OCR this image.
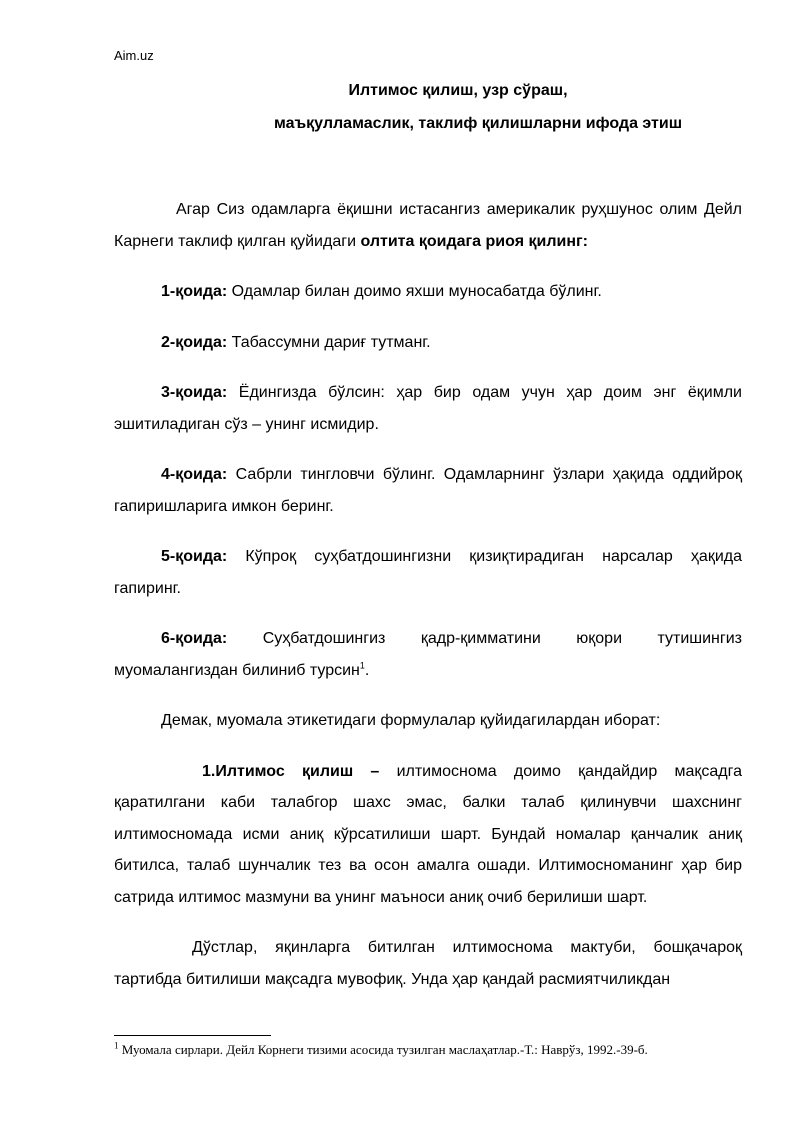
Aim.uz
Илтимос қилиш, узр сўраш,
маъқулламаслик, таклиф қилишларни ифода этиш

Агар Сиз одамларга ёқишни истасангиз америкалик руҳшунос олим Дейл Карнеги таклиф қилган қуйидаги олтита қоидага риоя қилинг:

1-қоида: Одамлар билан доимо яхши муносабатда бўлинг.

2-қоида: Табассумни дариғ тутманг.

3-қоида: Ёдингизда бўлсин: ҳар бир одам учун ҳар доим энг ёқимли эшитиладиган сўз – унинг исмидир.

4-қоида: Сабрли тингловчи бўлинг. Одамларнинг ўзлари ҳақида оддийроқ гапиришларига имкон беринг.

5-қоида: Кўпроқ суҳбатдошингизни қизиқтирадиган нарсалар ҳақида гапиринг.

6-қоида: Суҳбатдошингиз қадр-қимматини юқори тутишингиз
муомалангиздан билиниб турсин$^1$.

Демак, муомала этикетидаги формулалар қуйидагилардан иборат:

1.Илтимос қилиш – илтимоснома доимо қандайдир мақсадга қаратилгани каби талабгор шахс эмас, балки талаб қилинувчи шахснинг илтимосномада исми аниқ кўрсатилиши шарт. Бундай номалар қанчалик аниқ битилса, талаб шунчалик тез ва осон амалга ошади. Илтимосноманинг ҳар бир сатрида илтимос мазмуни ва унинг маъноси аниқ очиб берилиши шарт.

Дўстлар, яқинларга битилган илтимоснома мактуби, бошқачароқ тартибда битилиши мақсадга мувофиқ. Унда ҳар қандай расмиятчиликдан

$^1$ Муомала сирлари. Дейл Корнеги тизими асосида тузилган маслаҳатлар.-Т.: Наврўз, 1992.-39-б.
